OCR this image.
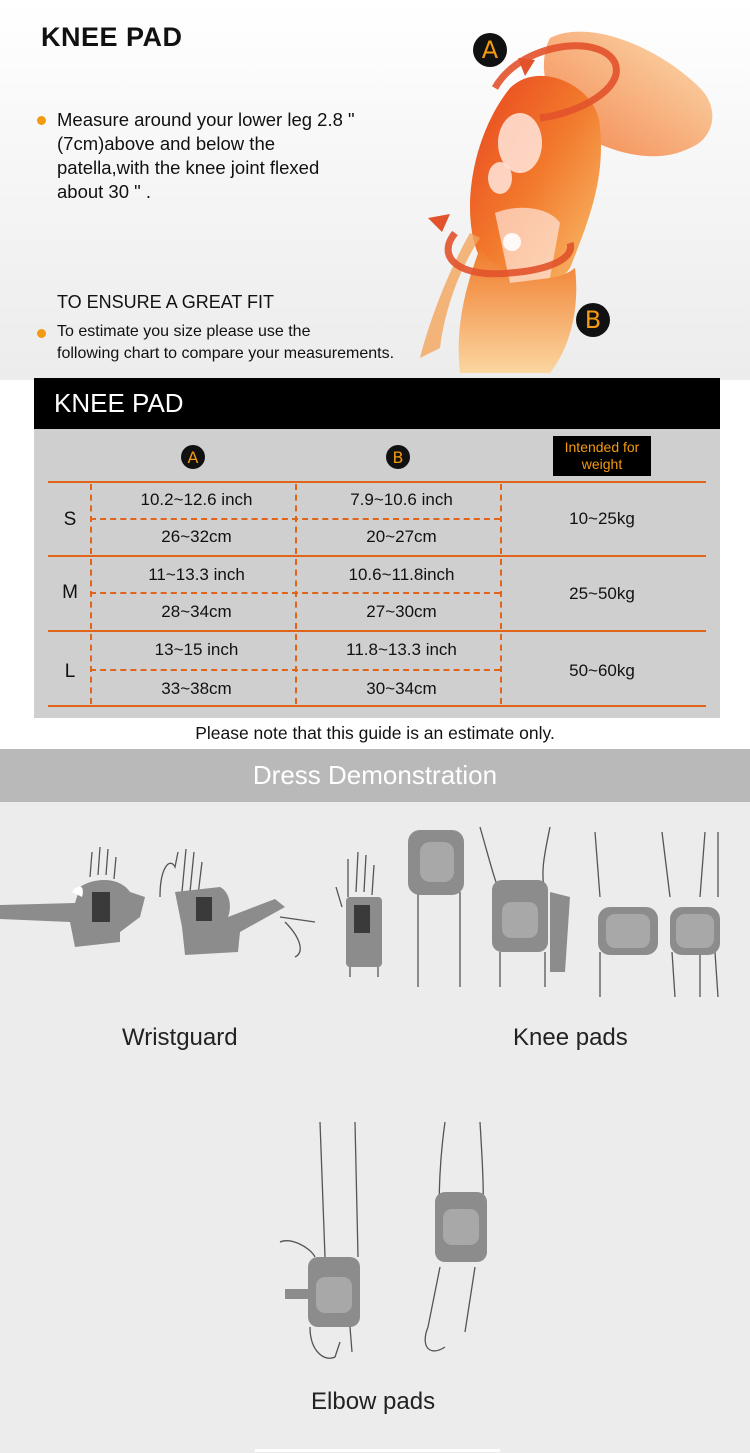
KNEE PAD
Measure around your lower leg 2.8 "
(7cm)above and below the
patella,with the knee joint flexed
about 30 " .
TO ENSURE A GREAT FIT
To estimate you size please use the
following chart to compare your measurements.
A
B
KNEE PAD
A	B
Intended for weight
S
10.2~12.6 inch
26~32cm
7.9~10.6 inch
20~27cm
10~25kg
M
11~13.3 inch
28~34cm
10.6~11.8inch
27~30cm
25~50kg
L
13~15 inch
33~38cm
11.8~13.3 inch
30~34cm
50~60kg
Please note that this guide is an estimate only.
Dress Demonstration
Wristguard	Knee pads
Elbow pads
